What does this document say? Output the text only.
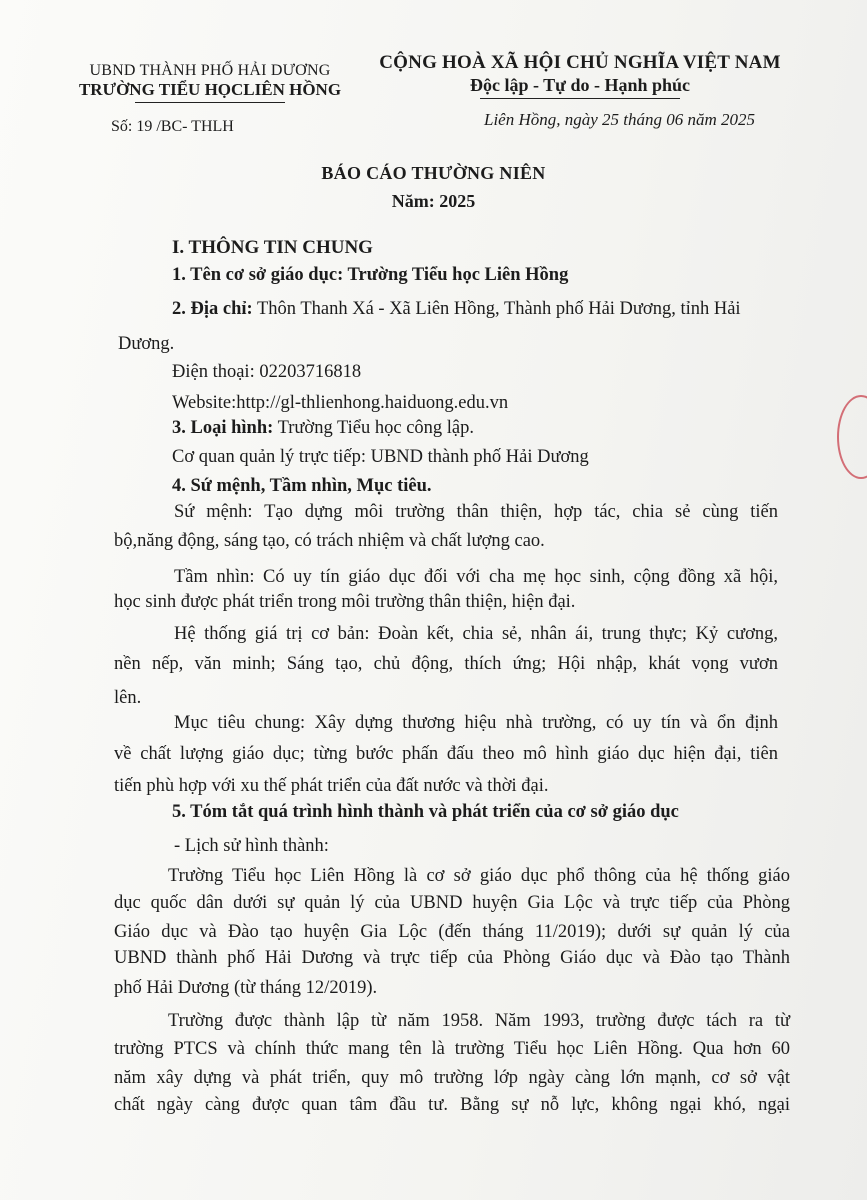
UBND THÀNH PHỐ HẢI DƯƠNG
TRƯỜNG TIỂU HỌCLIÊN HỒNG
CỘNG HOÀ XÃ HỘI CHỦ NGHĨA VIỆT NAM
Độc lập - Tự do - Hạnh phúc
Số: 19 /BC- THLH	Liên Hồng, ngày 25 tháng 06 năm 2025
BÁO CÁO THƯỜNG NIÊN
Năm: 2025
I. THÔNG TIN CHUNG
1. Tên cơ sở giáo dục: Trường Tiểu học Liên Hồng
2. Địa chỉ: Thôn Thanh Xá - Xã Liên Hồng, Thành phố Hải Dương, tỉnh Hải
Dương.
Điện thoại: 02203716818
Website:http://gl-thlienhong.haiduong.edu.vn
3. Loại hình: Trường Tiểu học công lập.
Cơ quan quản lý trực tiếp: UBND thành phố Hải Dương
4. Sứ mệnh, Tầm nhìn, Mục tiêu.
Sứ mệnh: Tạo dựng môi trường thân thiện, hợp tác, chia sẻ cùng tiến
bộ,năng động, sáng tạo, có trách nhiệm và chất lượng cao.
Tầm nhìn: Có uy tín giáo dục đối với cha mẹ học sinh, cộng đồng xã hội,
học sinh được phát triển trong môi trường thân thiện, hiện đại.
Hệ thống giá trị cơ bản: Đoàn kết, chia sẻ, nhân ái, trung thực; Kỷ cương,
nền nếp, văn minh; Sáng tạo, chủ động, thích ứng; Hội nhập, khát vọng vươn
lên.
Mục tiêu chung: Xây dựng thương hiệu nhà trường, có uy tín và ổn định
về chất lượng giáo dục; từng bước phấn đấu theo mô hình giáo dục hiện đại, tiên
tiến phù hợp với xu thế phát triển của đất nước và thời đại.
5. Tóm tắt quá trình hình thành và phát triển của cơ sở giáo dục
- Lịch sử hình thành:
Trường Tiểu học Liên Hồng là cơ sở giáo dục phổ thông của hệ thống giáo
dục quốc dân dưới sự quản lý của UBND huyện Gia Lộc và trực tiếp của Phòng
Giáo dục và Đào tạo huyện Gia Lộc (đến tháng 11/2019); dưới sự quản lý của
UBND thành phố Hải Dương và trực tiếp của Phòng Giáo dục và Đào tạo Thành
phố Hải Dương (từ tháng 12/2019).
Trường được thành lập từ năm 1958. Năm 1993, trường được tách ra từ
trường PTCS và chính thức mang tên là trường Tiểu học Liên Hồng. Qua hơn 60
năm xây dựng và phát triển, quy mô trường lớp ngày càng lớn mạnh, cơ sở vật
chất ngày càng được quan tâm đầu tư. Bằng sự nỗ lực, không ngại khó, ngại
